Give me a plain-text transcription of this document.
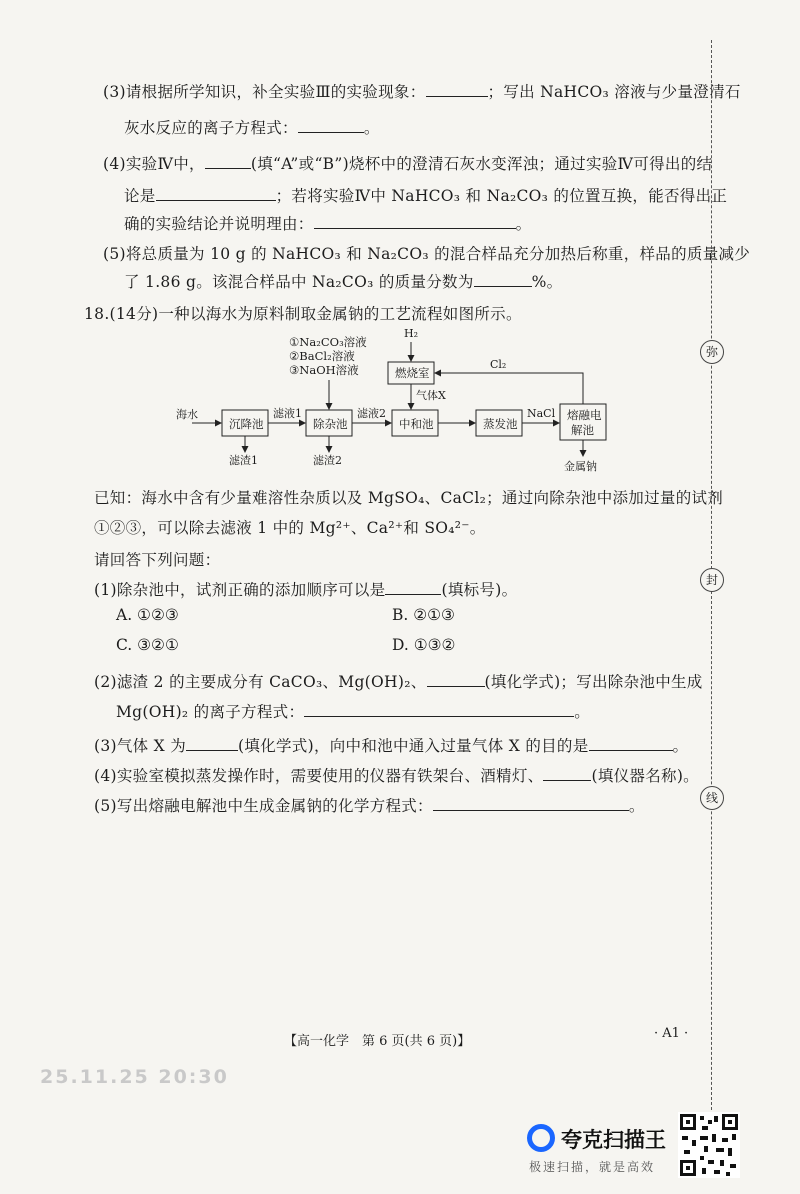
(3)请根据所学知识，补全实验Ⅲ的实验现象：	；写出 NaHCO₃ 溶液与少量澄清石
灰水反应的离子方程式：	。
(4)实验Ⅳ中，	(填“A”或“B”)烧杯中的澄清石灰水变浑浊；通过实验Ⅳ可得出的结
论是	；若将实验Ⅳ中 NaHCO₃ 和 Na₂CO₃ 的位置互换，能否得出正
确的实验结论并说明理由：	。
(5)将总质量为 10 g 的 NaHCO₃ 和 Na₂CO₃ 的混合样品充分加热后称重，样品的质量减少
了 1.86 g。该混合样品中 Na₂CO₃ 的质量分数为	%。
18.(14分)一种以海水为原料制取金属钠的工艺流程如图所示。
①Na₂CO₃溶液
②BaCl₂溶液
③NaOH溶液
海水
沉降池
滤液1
除杂池
滤液2
中和池	蒸发池
NaCl 熔融电
解池
滤渣1	滤渣2
H₂
燃烧室
Cl₂
气体X
金属钠
已知：海水中含有少量难溶性杂质以及 MgSO₄、CaCl₂；通过向除杂池中添加过量的试剂
①②③，可以除去滤液 1 中的 Mg²⁺、Ca²⁺和 SO₄²⁻。
请回答下列问题：
(1)除杂池中，试剂正确的添加顺序可以是	(填标号)。
A. ①②③	B. ②①③
C. ③②①	D. ①③②
(2)滤渣 2 的主要成分有 CaCO₃、Mg(OH)₂、	(填化学式)；写出除杂池中生成
Mg(OH)₂ 的离子方程式：	。
(3)气体 X 为	(填化学式)，向中和池中通入过量气体 X 的目的是	。
(4)实验室模拟蒸发操作时，需要使用的仪器有铁架台、酒精灯、	(填仪器名称)。
(5)写出熔融电解池中生成金属钠的化学方程式：	。
弥
封
线
【高一化学　第 6 页(共 6 页)】
· A1 ·
25.11.25 20:30
夸克扫描王
极速扫描，就是高效
